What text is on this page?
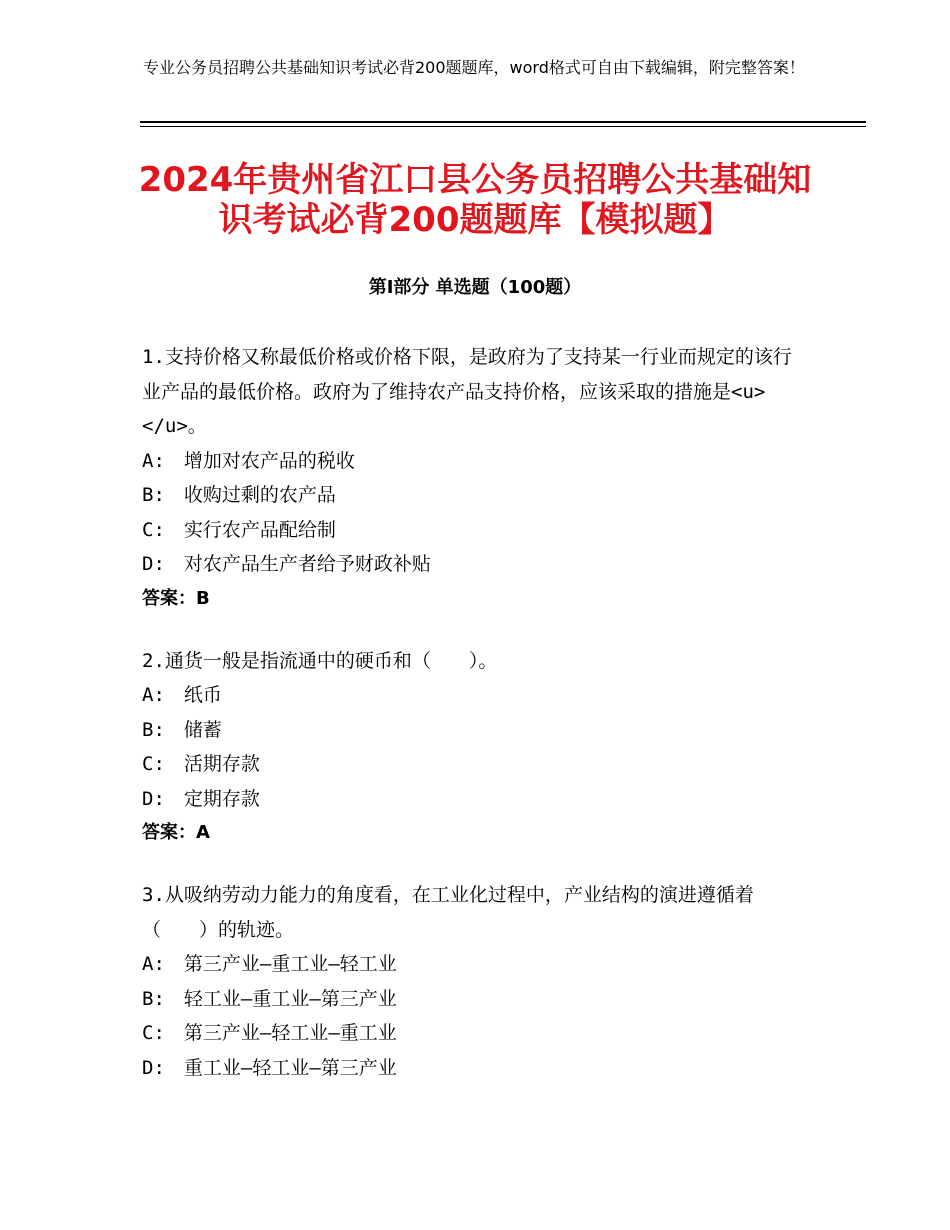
专业公务员招聘公共基础知识考试必背200题题库，word格式可自由下载编辑，附完整答案！
2024年贵州省江口县公务员招聘公共基础知
识考试必背200题题库【模拟题】
第Ⅰ部分 单选题（100题）

1.支持价格又称最低价格或价格下限，是政府为了支持某一行业而规定的该行业产品的最低价格。政府为了维持农产品支持价格，应该采取的措施是<u>　　　</u>。

A:　增加对农产品的税收

B:　收购过剩的农产品

C:　实行农产品配给制

D:　对农产品生产者给予财政补贴

答案：B

2.通货一般是指流通中的硬币和（　　）。

A:　纸币

B:　储蓄

C:　活期存款

D:　定期存款

答案：A

3.从吸纳劳动力能力的角度看，在工业化过程中，产业结构的演进遵循着（　　）的轨迹。

A:　第三产业—重工业—轻工业

B:　轻工业—重工业—第三产业

C:　第三产业—轻工业—重工业

D:　重工业—轻工业—第三产业
